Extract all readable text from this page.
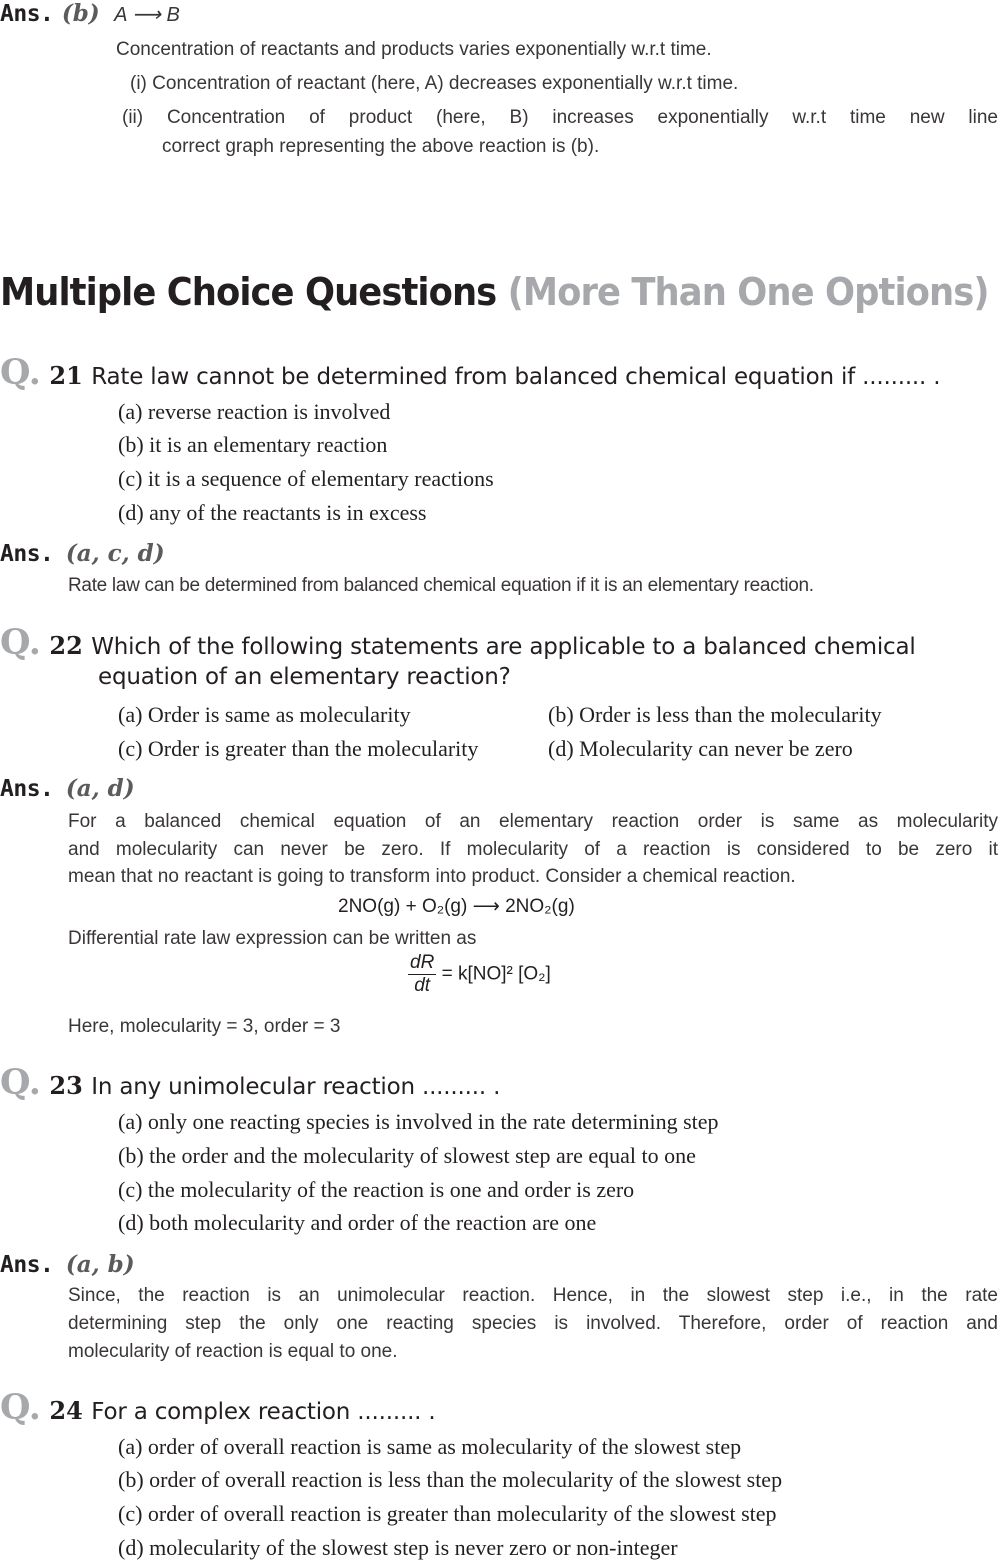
Ans. (b) A ⟶ B
Concentration of reactants and products varies exponentially w.r.t time.
(i) Concentration of reactant (here, A) decreases exponentially w.r.t time.
(ii) Concentration of product (here, B) increases exponentially w.r.t time new line
correct graph representing the above reaction is (b).
Multiple Choice Questions (More Than One Options)
Q. 21 Rate law cannot be determined from balanced chemical equation if ......... .
(a) reverse reaction is involved
(b) it is an elementary reaction
(c) it is a sequence of elementary reactions
(d) any of the reactants is in excess
Ans. (a, c, d)
Rate law can be determined from balanced chemical equation if it is an elementary reaction.
Q. 22 Which of the following statements are applicable to a balanced chemical
equation of an elementary reaction?
(a) Order is same as molecularity	(b) Order is less than the molecularity
(c) Order is greater than the molecularity	(d) Molecularity can never be zero
Ans. (a, d)
For a balanced chemical equation of an elementary reaction order is same as molecularity
and molecularity can never be zero. If molecularity of a reaction is considered to be zero it
mean that no reactant is going to transform into product. Consider a chemical reaction.
2NO(g) + O₂(g) ⟶ 2NO₂(g)
Differential rate law expression can be written as
$\frac{dR}{dt} = k[NO]^2$ [O₂]
Here, molecularity = 3, order = 3
Q. 23 In any unimolecular reaction ......... .
(a) only one reacting species is involved in the rate determining step
(b) the order and the molecularity of slowest step are equal to one
(c) the molecularity of the reaction is one and order is zero
(d) both molecularity and order of the reaction are one
Ans. (a, b)
Since, the reaction is an unimolecular reaction. Hence, in the slowest step i.e., in the rate
determining step the only one reacting species is involved. Therefore, order of reaction and
molecularity of reaction is equal to one.
Q. 24 For a complex reaction ......... .
(a) order of overall reaction is same as molecularity of the slowest step
(b) order of overall reaction is less than the molecularity of the slowest step
(c) order of overall reaction is greater than molecularity of the slowest step
(d) molecularity of the slowest step is never zero or non-integer
